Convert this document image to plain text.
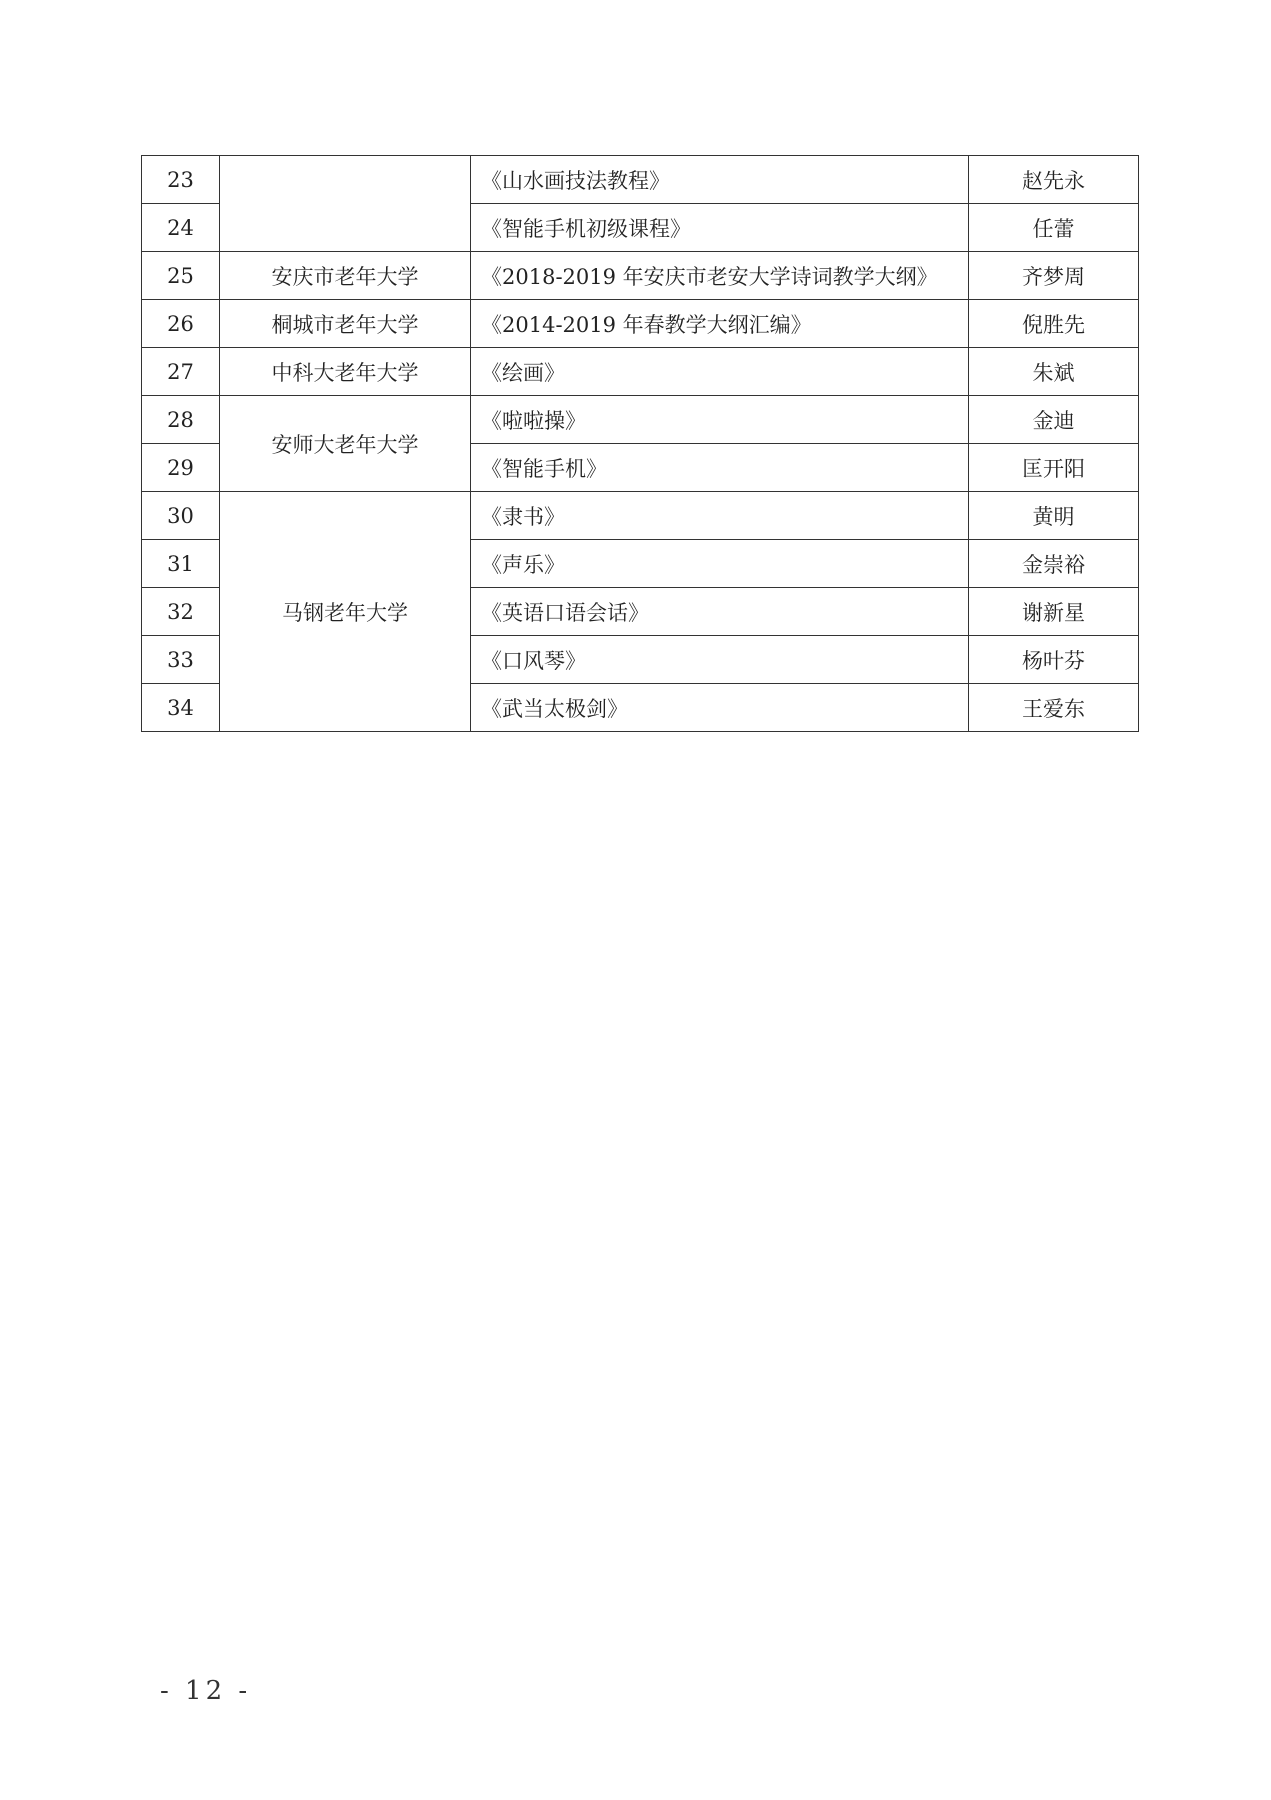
23		《山水画技法教程》	赵先永
24		《智能手机初级课程》	任蕾
25	安庆市老年大学	《2018-2019 年安庆市老安大学诗词教学大纲》	齐梦周
26	桐城市老年大学	《2014-2019 年春教学大纲汇编》	倪胜先
27	中科大老年大学	《绘画》	朱斌
28	安师大老年大学	《啦啦操》	金迪
29		《智能手机》	匡开阳
30	马钢老年大学	《隶书》	黄明
31		《声乐》	金崇裕
32		《英语口语会话》	谢新星
33		《口风琴》	杨叶芬
34		《武当太极剑》	王爱东
- 12 -
